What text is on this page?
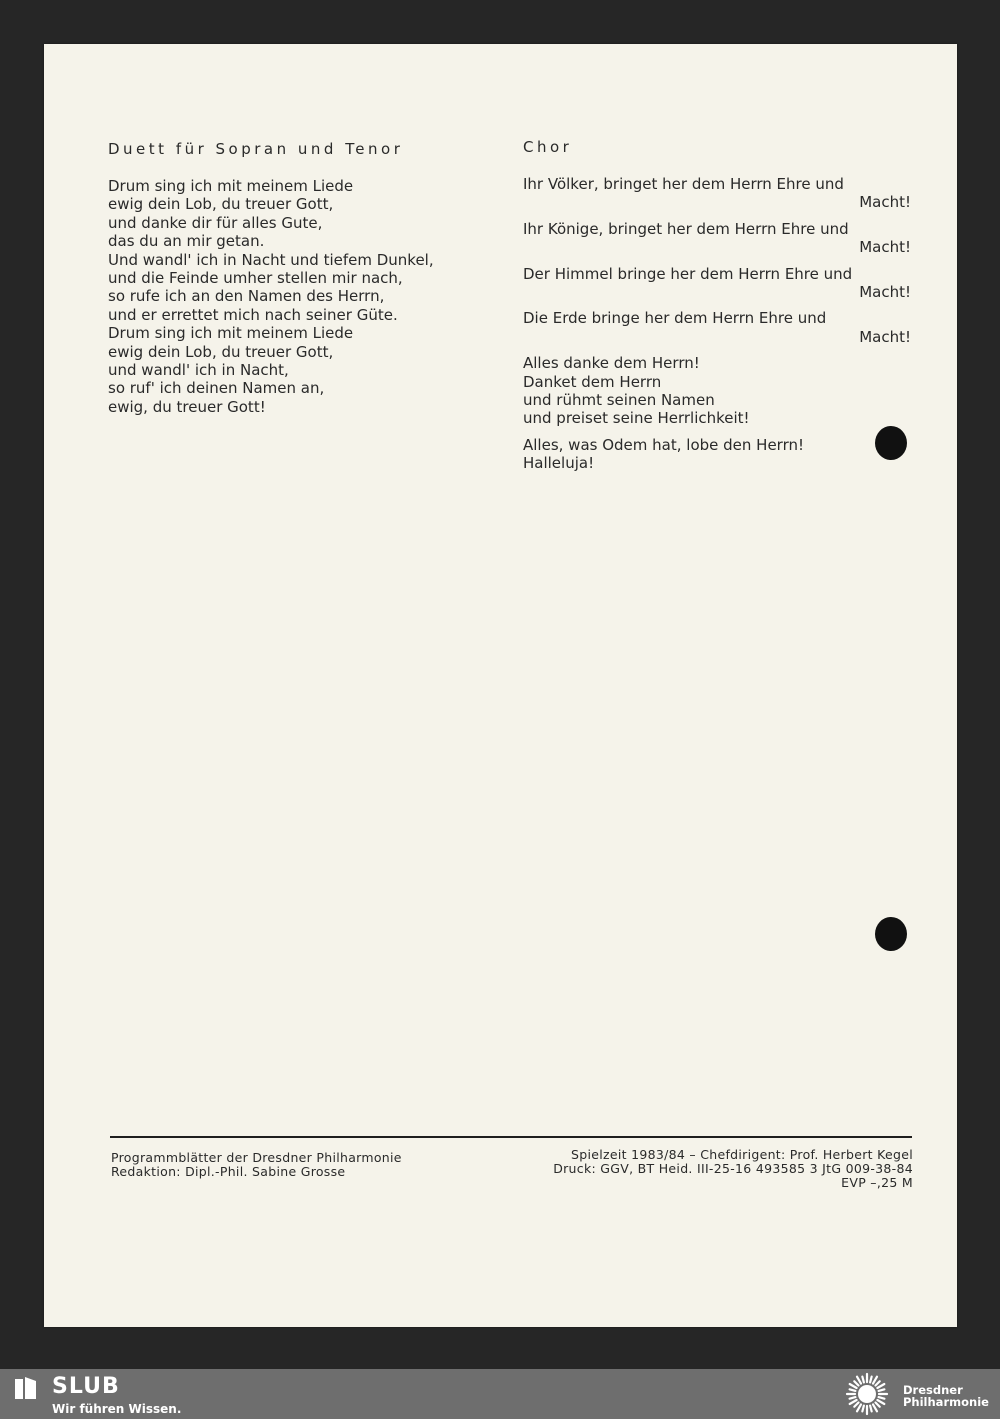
Duett für Sopran und Tenor
Drum sing ich mit meinem Liede
ewig dein Lob, du treuer Gott,
und danke dir für alles Gute,
das du an mir getan.
Und wandl' ich in Nacht und tiefem Dunkel,
und die Feinde umher stellen mir nach,
so rufe ich an den Namen des Herrn,
und er errettet mich nach seiner Güte.
Drum sing ich mit meinem Liede
ewig dein Lob, du treuer Gott,
und wandl' ich in Nacht,
so ruf' ich deinen Namen an,
ewig, du treuer Gott!
Chor
Ihr Völker, bringet her dem Herrn Ehre und
Macht!
Ihr Könige, bringet her dem Herrn Ehre und
Macht!
Der Himmel bringe her dem Herrn Ehre und
Macht!
Die Erde bringe her dem Herrn Ehre und
Macht!
Alles danke dem Herrn!
Danket dem Herrn
und rühmt seinen Namen
und preiset seine Herrlichkeit!
Alles, was Odem hat, lobe den Herrn!
Halleluja!
Programmblätter der Dresdner Philharmonie
Redaktion: Dipl.-Phil. Sabine Grosse
Spielzeit 1983/84 – Chefdirigent: Prof. Herbert Kegel
Druck: GGV, BT Heid. III-25-16 493585 3 JtG 009-38-84
EVP –,25 M
SLUB
Wir führen Wissen.
Dresdner
Philharmonie
